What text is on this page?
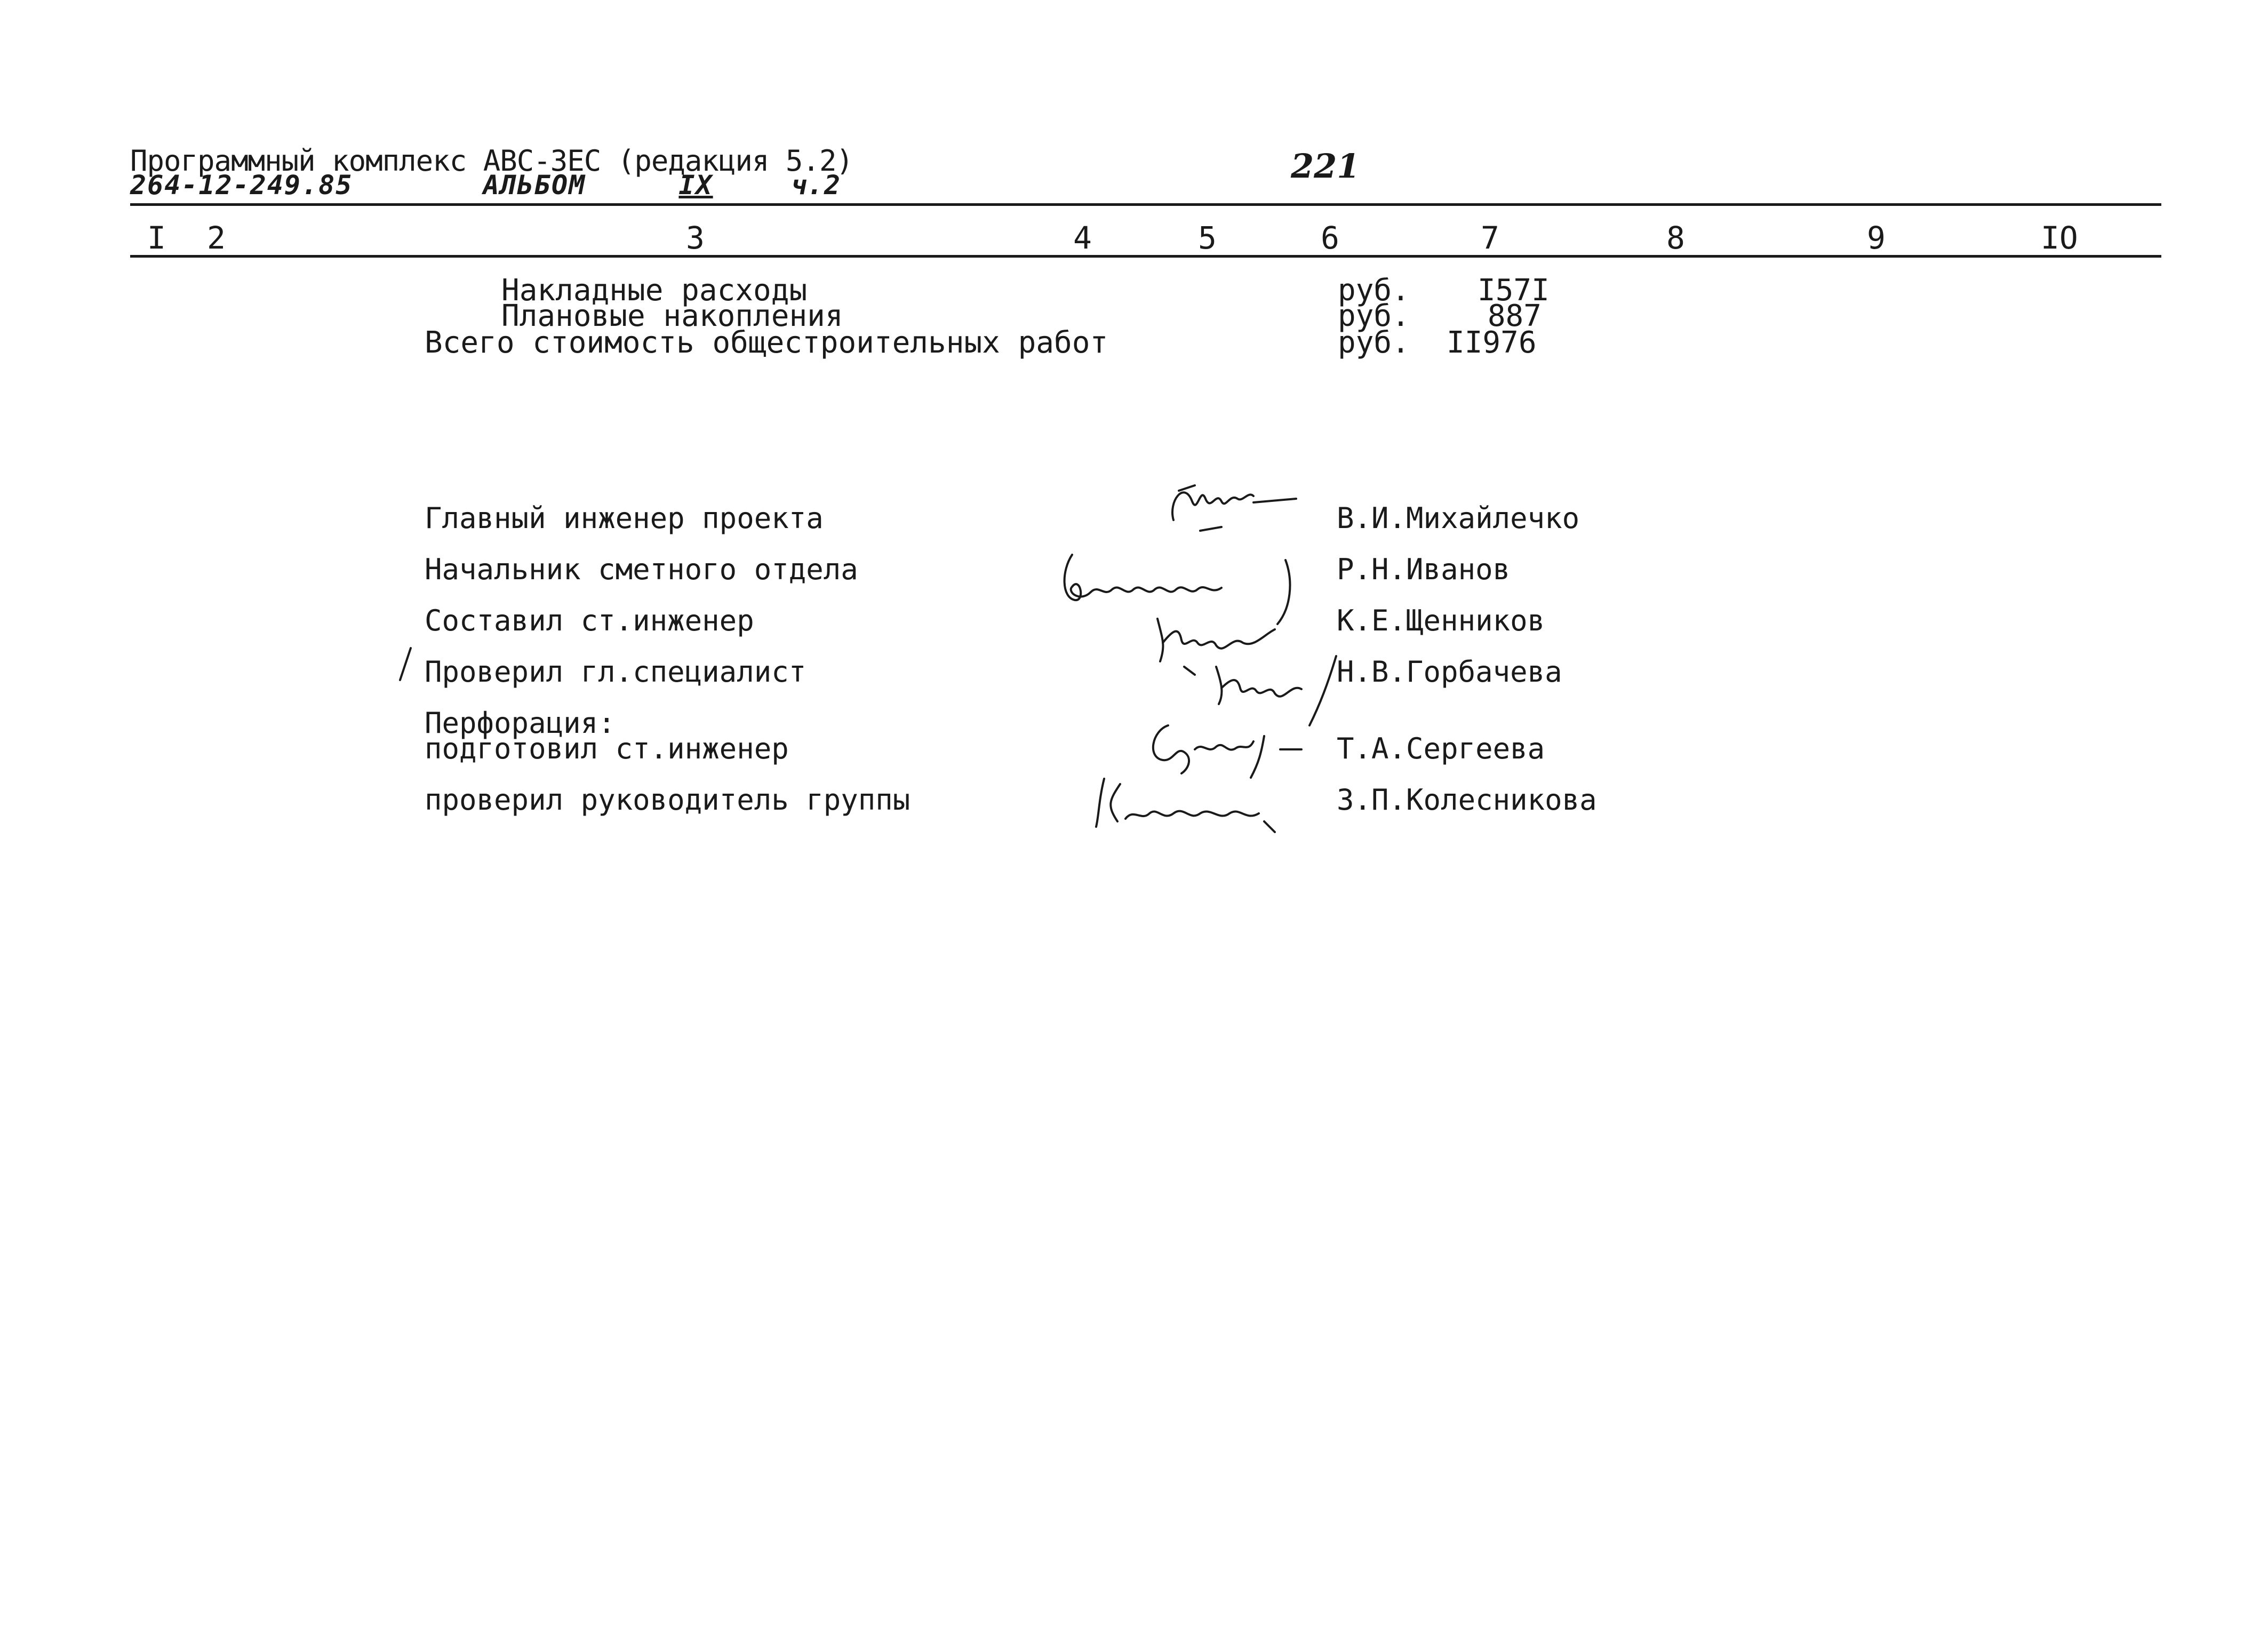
Программный комплекс АВС-3ЕС (редакция 5.2)
264-12-249.85	АЛЬБОМ	IX	ч.2	221
I 2	3	4	5	6	7	8	9	IO
Накладные расходы	руб. I57I
Плановые накопления	руб.	887
Всего стоимость общестроительных работ	руб. II976
Главный инженер проекта	В.И.Михайлечко
Начальник сметного отдела	Р.Н.Иванов
Составил ст.инженер	К.Е.Щенников
Проверил гл.специалист	Н.В.Горбачева
Перфорация:
подготовил ст.инженер	Т.А.Сергеева
проверил руководитель группы	З.П.Колесникова
